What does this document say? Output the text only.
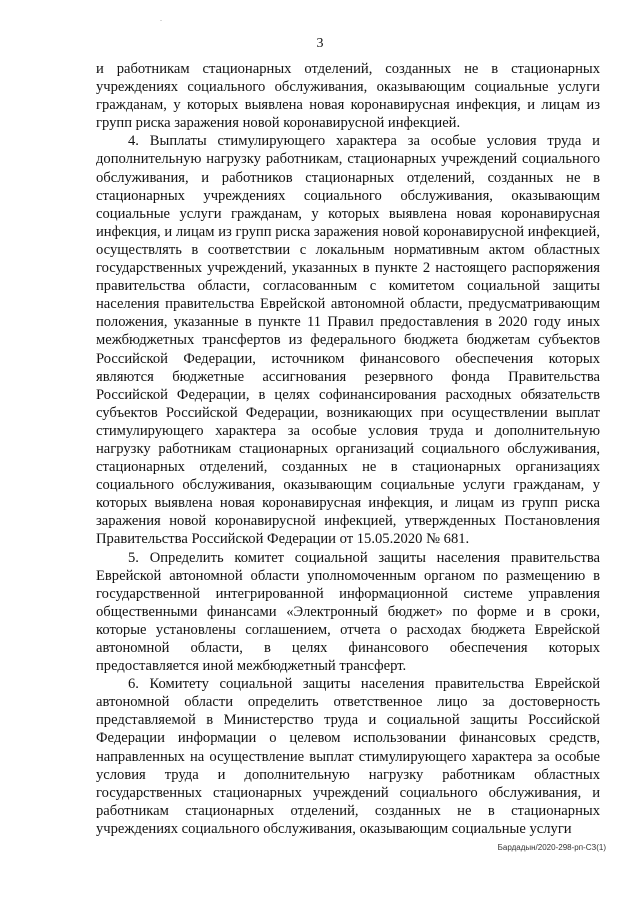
.
3

и работникам стационарных отделений, созданных не в стационарных учреждениях социального обслуживания, оказывающим социальные услуги гражданам, у которых выявлена новая коронавирусная инфекция, и лицам из групп риска заражения новой коронавирусной инфекцией.

4. Выплаты стимулирующего характера за особые условия труда и дополнительную нагрузку работникам, стационарных учреждений социального обслуживания, и работников стационарных отделений, созданных не в стационарных учреждениях социального обслуживания, оказывающим социальные услуги гражданам, у которых выявлена новая коронавирусная инфекция, и лицам из групп риска заражения новой коронавирусной инфекцией, осуществлять в соответствии с локальным нормативным актом областных государственных учреждений, указанных в пункте 2 настоящего распоряжения правительства области, согласованным с комитетом социальной защиты населения правительства Еврейской автономной области, предусматривающим положения, указанные в пункте 11 Правил предоставления в 2020 году иных межбюджетных трансфертов из федерального бюджета бюджетам субъектов Российской Федерации, источником финансового обеспечения которых являются бюджетные ассигнования резервного фонда Правительства Российской Федерации, в целях софинансирования расходных обязательств субъектов Российской Федерации, возникающих при осуществлении выплат стимулирующего характера за особые условия труда и дополнительную нагрузку работникам стационарных организаций социального обслуживания, стационарных отделений, созданных не в стационарных организациях социального обслуживания, оказывающим социальные услуги гражданам, у которых выявлена новая коронавирусная инфекция, и лицам из групп риска заражения новой коронавирусной инфекцией, утвержденных Постановления Правительства Российской Федерации от 15.05.2020 № 681.

5. Определить комитет социальной защиты населения правительства Еврейской автономной области уполномоченным органом по размещению в государственной интегрированной информационной системе управления общественными финансами «Электронный бюджет» по форме и в сроки, которые установлены соглашением, отчета о расходах бюджета Еврейской автономной области, в целях финансового обеспечения которых предоставляется иной межбюджетный трансферт.

6. Комитету социальной защиты населения правительства Еврейской автономной области определить ответственное лицо за достоверность представляемой в Министерство труда и социальной защиты Российской Федерации информации о целевом использовании финансовых средств, направленных на осуществление выплат стимулирующего характера за особые условия труда и дополнительную нагрузку работникам областных государственных стационарных учреждений социального обслуживания, и работникам стационарных отделений, созданных не в стационарных учреждениях социального обслуживания, оказывающим социальные услуги

Бардадын/2020-298-рп-СЗ(1)
